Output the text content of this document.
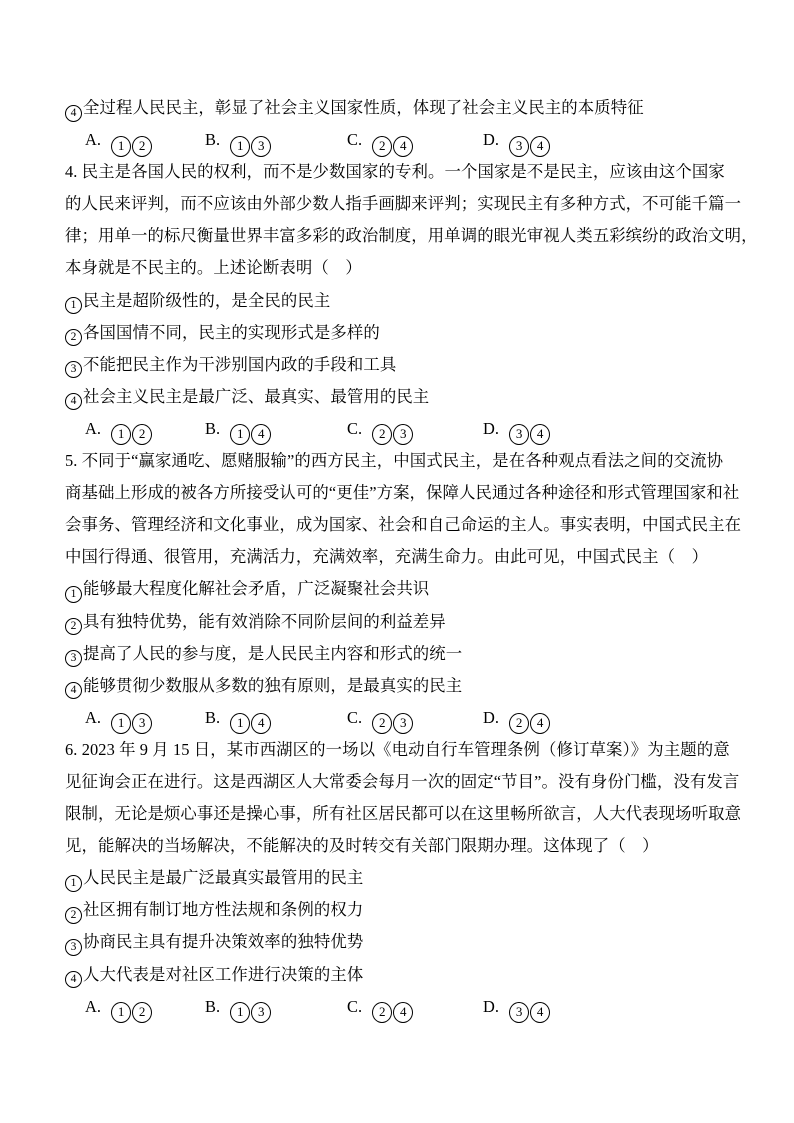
4 全过程人民民主，彰显了社会主义国家性质，体现了社会主义民主的本质特征
A. 1 2	B. 1 3	C. 2 4	D. 3 4
4. 民主是各国人民的权利，而不是少数国家的专利。一个国家是不是民主，应该由这个国家
的人民来评判，而不应该由外部少数人指手画脚来评判；实现民主有多种方式，不可能千篇一
律；用单一的标尺衡量世界丰富多彩的政治制度，用单调的眼光审视人类五彩缤纷的政治文明，
本身就是不民主的。上述论断表明（　）
1 民主是超阶级性的，是全民的民主
2 各国国情不同，民主的实现形式是多样的
3 不能把民主作为干涉别国内政的手段和工具
4 社会主义民主是最广泛、最真实、最管用的民主
A. 1 2	B. 1 4	C. 2 3	D. 3 4
5. 不同于“赢家通吃、愿赌服输”的西方民主，中国式民主，是在各种观点看法之间的交流协
商基础上形成的被各方所接受认可的“更佳”方案，保障人民通过各种途径和形式管理国家和社
会事务、管理经济和文化事业，成为国家、社会和自己命运的主人。事实表明，中国式民主在
中国行得通、很管用，充满活力，充满效率，充满生命力。由此可见，中国式民主（　）
1 能够最大程度化解社会矛盾，广泛凝聚社会共识
2 具有独特优势，能有效消除不同阶层间的利益差异
3 提高了人民的参与度，是人民民主内容和形式的统一
4 能够贯彻少数服从多数的独有原则，是最真实的民主
A. 1 3	B. 1 4	C. 2 3	D. 2 4
6. 2023 年 9 月 15 日，某市西湖区的一场以《电动自行车管理条例（修订草案）》为主题的意
见征询会正在进行。这是西湖区人大常委会每月一次的固定“节目”。没有身份门槛，没有发言
限制，无论是烦心事还是操心事，所有社区居民都可以在这里畅所欲言，人大代表现场听取意
见，能解决的当场解决，不能解决的及时转交有关部门限期办理。这体现了（　）
1 人民民主是最广泛最真实最管用的民主
2 社区拥有制订地方性法规和条例的权力
3 协商民主具有提升决策效率的独特优势
4 人大代表是对社区工作进行决策的主体
A. 1 2	B. 1 3	C. 2 4	D. 3 4
